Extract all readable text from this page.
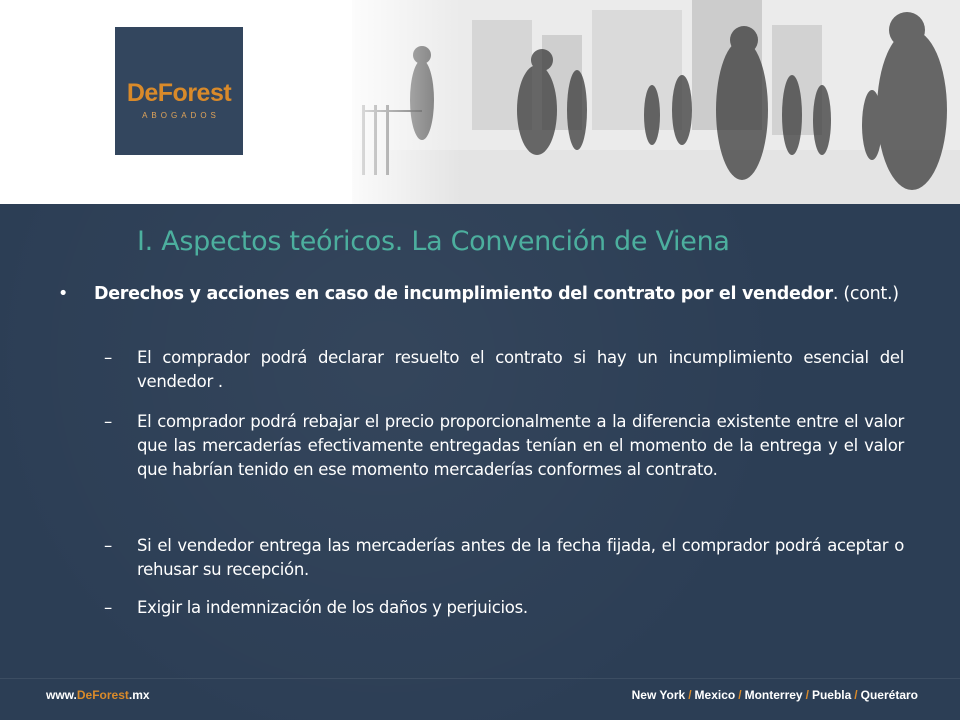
DeForest
ABOGADOS
I. Aspectos teóricos. La Convención de Viena
• Derechos y acciones en caso de incumplimiento del contrato por el vendedor. (cont.)
– El comprador podrá declarar resuelto el contrato si hay un incumplimiento esencial del vendedor .
– El comprador podrá rebajar el precio proporcionalmente a la diferencia existente entre el valor que las mercaderías efectivamente entregadas tenían en el momento de la entrega y el valor que habrían tenido en ese momento mercaderías conformes al contrato.
– Si el vendedor entrega las mercaderías antes de la fecha fijada, el comprador podrá aceptar o rehusar su recepción.
– Exigir la indemnización de los daños y perjuicios.
www.DeForest.mx	New York / Mexico / Monterrey / Puebla / Querétaro
